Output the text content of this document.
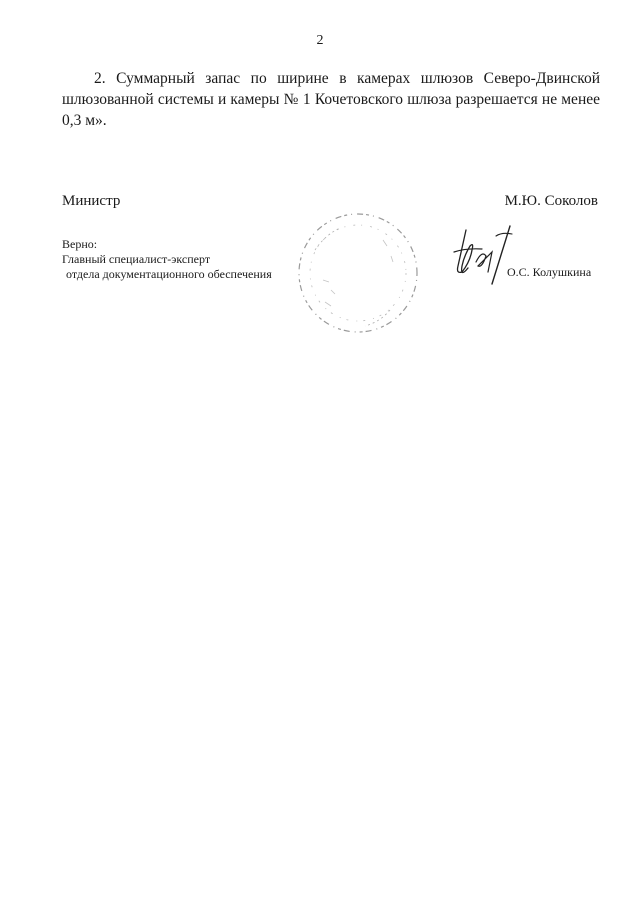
2
2. Суммарный запас по ширине в камерах шлюзов Северо-Двинской шлюзованной системы и камеры № 1 Кочетовского шлюза разрешается не менее 0,3 м».
Министр	М.Ю. Соколов
Верно:
Главный специалист-эксперт
отдела документационного обеспечения	О.С. Колушкина
